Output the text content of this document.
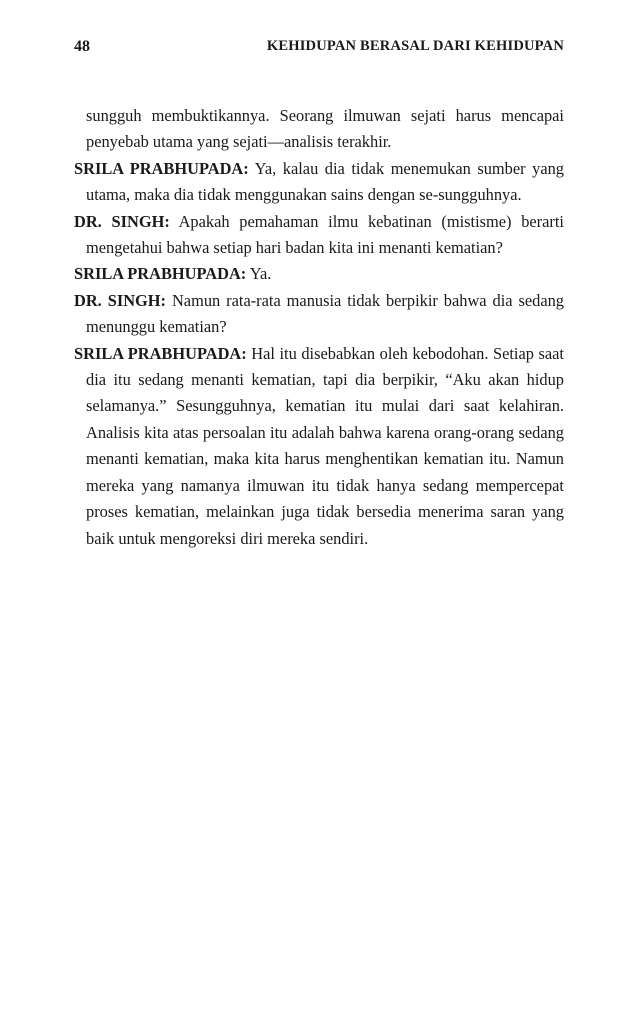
48	KEHIDUPAN BERASAL DARI KEHIDUPAN

sungguh membuktikannya. Seorang ilmuwan sejati harus mencapai penyebab utama yang sejati—analisis terakhir.

SRILA PRABHUPADA: Ya, kalau dia tidak menemukan sumber yang utama, maka dia tidak menggunakan sains dengan se-sungguhnya.

DR. SINGH: Apakah pemahaman ilmu kebatinan (mistisme) berarti mengetahui bahwa setiap hari badan kita ini menanti kematian?

SRILA PRABHUPADA: Ya.

DR. SINGH: Namun rata-rata manusia tidak berpikir bahwa dia sedang menunggu kematian?

SRILA PRABHUPADA: Hal itu disebabkan oleh kebodohan. Setiap saat dia itu sedang menanti kematian, tapi dia berpikir, “Aku akan hidup selamanya.” Sesungguhnya, kematian itu mulai dari saat kelahiran. Analisis kita atas persoalan itu adalah bahwa karena orang-orang sedang menanti kematian, maka kita harus menghentikan kematian itu. Namun mereka yang namanya ilmuwan itu tidak hanya sedang mempercepat proses kematian, melainkan juga tidak bersedia menerima saran yang baik untuk mengoreksi diri mereka sendiri.
